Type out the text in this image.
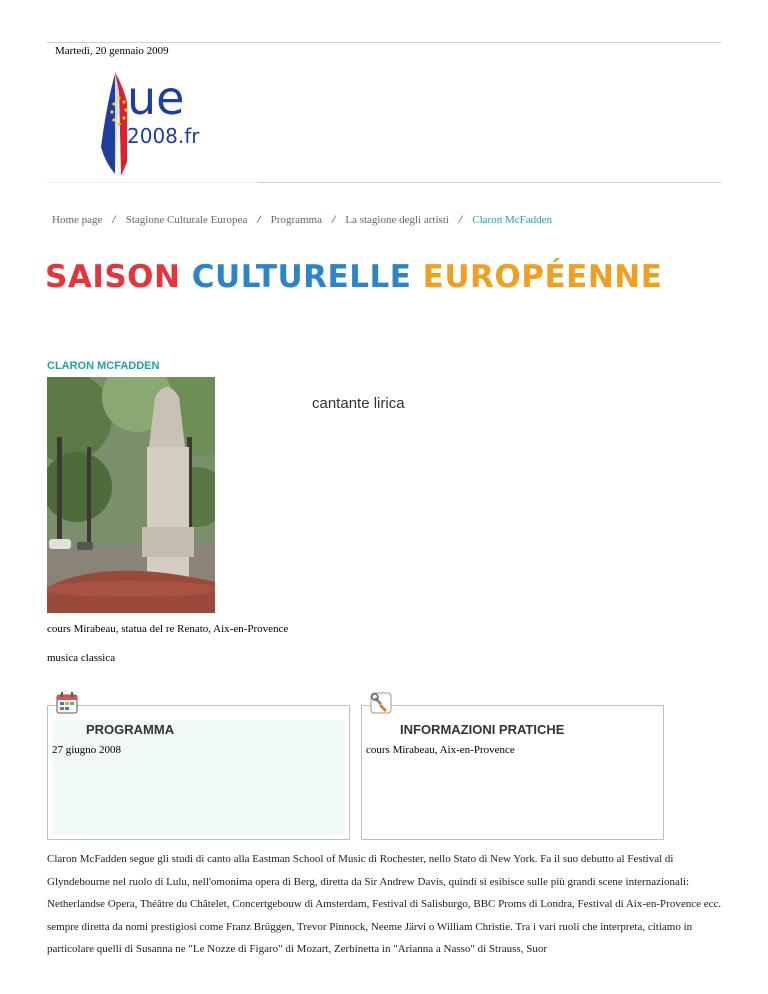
Martedì, 20 gennaio 2009
ue
2008.fr
Home page / Stagione Culturale Europea / Programma / La stagione degli artisti / Claron McFadden
SAISON CULTURELLE EUROPÉENNE
CLARON MCFADDEN
cantante lirica
cours Mirabeau, statua del re Renato, Aix-en-Provence
musica classica
PROGRAMMA
27 giugno 2008
INFORMAZIONI PRATICHE
cours Mirabeau, Aix-en-Provence
Claron McFadden segue gli studi di canto alla Eastman School of Music di Rochester, nello Stato di New York. Fa il suo debutto al Festival di Glyndebourne nel ruolo di Lulu, nell'omonima opera di Berg, diretta da Sir Andrew Davis, quindi si esibisce sulle più grandi scene internazionali: Netherlandse Opera, Théâtre du Châtelet, Concertgebouw di Amsterdam, Festival di Salisburgo, BBC Proms di Londra, Festival di Aix-en-Provence ecc. sempre diretta da nomi prestigiosi come Franz Brüggen, Trevor Pinnock, Neeme Järvi o William Christie. Tra i vari ruoli che interpreta, citiamo in particolare quelli di Susanna ne "Le Nozze di Figaro" di Mozart, Zerbinetta in "Arianna a Nasso" di Strauss, Suor
